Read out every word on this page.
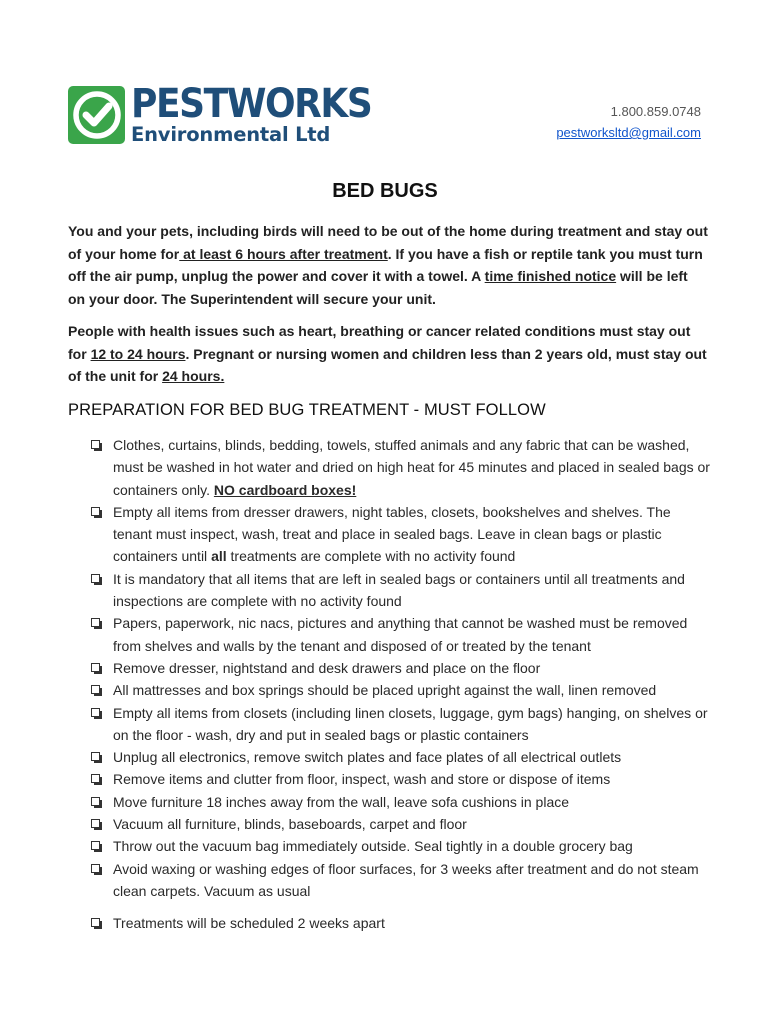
PESTWORKS
Environmental Ltd
1.800.859.0748
pestworksltd@gmail.com
BED BUGS
You and your pets, including birds will need to be out of the home during treatment and stay out of your home for at least 6 hours after treatment. If you have a fish or reptile tank you must turn off the air pump, unplug the power and cover it with a towel. A time finished notice will be left on your door. The Superintendent will secure your unit.
People with health issues such as heart, breathing or cancer related conditions must stay out for 12 to 24 hours. Pregnant or nursing women and children less than 2 years old, must stay out of the unit for 24 hours.
PREPARATION FOR BED BUG TREATMENT - MUST FOLLOW
Clothes, curtains, blinds, bedding, towels, stuffed animals and any fabric that can be washed, must be washed in hot water and dried on high heat for 45 minutes and placed in sealed bags or containers only. NO cardboard boxes!
Empty all items from dresser drawers, night tables, closets, bookshelves and shelves. The tenant must inspect, wash, treat and place in sealed bags. Leave in clean bags or plastic containers until all treatments are complete with no activity found
It is mandatory that all items that are left in sealed bags or containers until all treatments and inspections are complete with no activity found
Papers, paperwork, nic nacs, pictures and anything that cannot be washed must be removed from shelves and walls by the tenant and disposed of or treated by the tenant
Remove dresser, nightstand and desk drawers and place on the floor
All mattresses and box springs should be placed upright against the wall, linen removed
Empty all items from closets (including linen closets, luggage, gym bags) hanging, on shelves or on the floor - wash, dry and put in sealed bags or plastic containers
Unplug all electronics, remove switch plates and face plates of all electrical outlets
Remove items and clutter from floor, inspect, wash and store or dispose of items
Move furniture 18 inches away from the wall, leave sofa cushions in place
Vacuum all furniture, blinds, baseboards, carpet and floor
Throw out the vacuum bag immediately outside. Seal tightly in a double grocery bag
Avoid waxing or washing edges of floor surfaces, for 3 weeks after treatment and do not steam clean carpets. Vacuum as usual
Treatments will be scheduled 2 weeks apart
